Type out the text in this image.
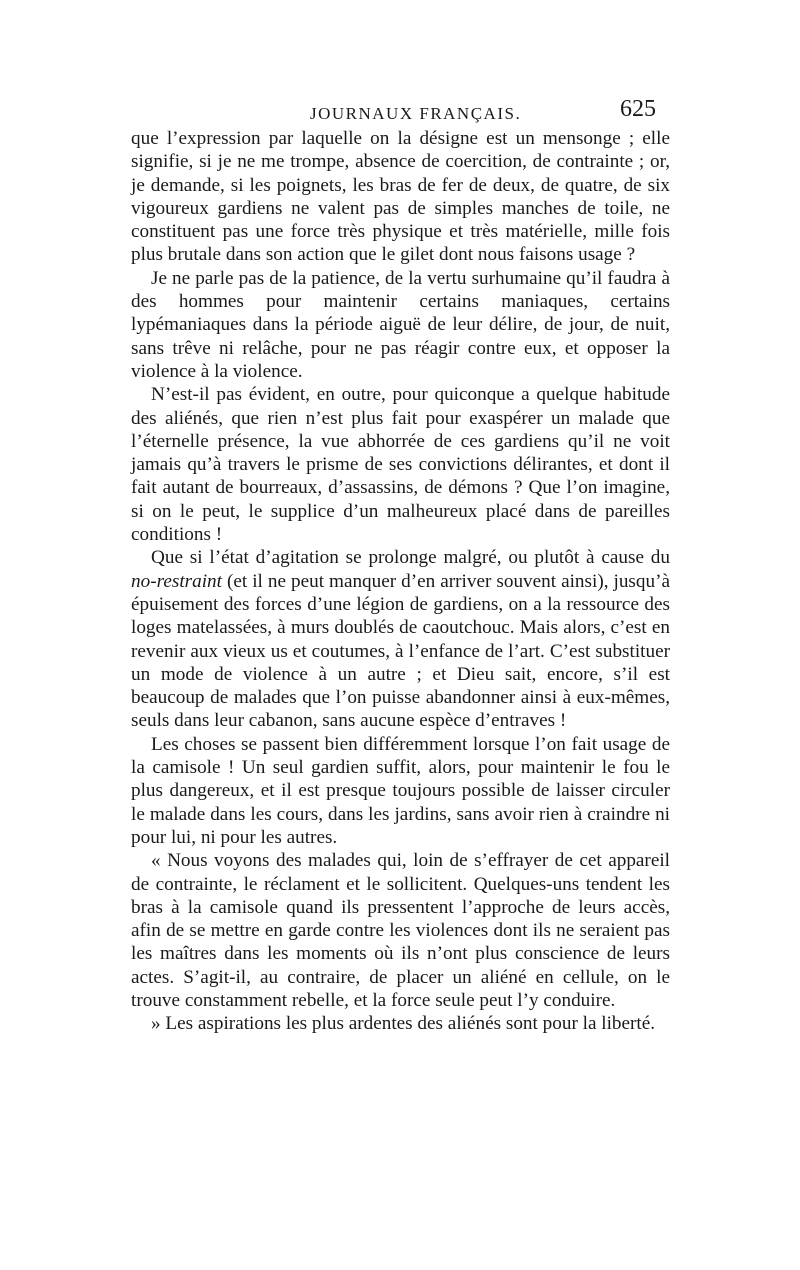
JOURNAUX FRANÇAIS.	625

que l’expression par laquelle on la désigne est un mensonge ; elle signifie, si je ne me trompe, absence de coercition, de contrainte ; or, je demande, si les poignets, les bras de fer de deux, de quatre, de six vigoureux gardiens ne valent pas de simples manches de toile, ne constituent pas une force très physique et très matérielle, mille fois plus brutale dans son action que le gilet dont nous faisons usage ?

Je ne parle pas de la patience, de la vertu surhumaine qu’il faudra à des hommes pour maintenir certains maniaques, certains lypémaniaques dans la période aiguë de leur délire, de jour, de nuit, sans trêve ni relâche, pour ne pas réagir contre eux, et opposer la violence à la violence.

N’est-il pas évident, en outre, pour quiconque a quelque habitude des aliénés, que rien n’est plus fait pour exaspérer un malade que l’éternelle présence, la vue abhorrée de ces gardiens qu’il ne voit jamais qu’à travers le prisme de ses convictions délirantes, et dont il fait autant de bourreaux, d’assassins, de démons ? Que l’on imagine, si on le peut, le supplice d’un malheureux placé dans de pareilles conditions !

Que si l’état d’agitation se prolonge malgré, ou plutôt à cause du no-restraint (et il ne peut manquer d’en arriver souvent ainsi), jusqu’à épuisement des forces d’une légion de gardiens, on a la ressource des loges matelassées, à murs doublés de caoutchouc. Mais alors, c’est en revenir aux vieux us et coutumes, à l’enfance de l’art. C’est substituer un mode de violence à un autre ; et Dieu sait, encore, s’il est beaucoup de malades que l’on puisse abandonner ainsi à eux-mêmes, seuls dans leur cabanon, sans aucune espèce d’entraves !

Les choses se passent bien différemment lorsque l’on fait usage de la camisole ! Un seul gardien suffit, alors, pour maintenir le fou le plus dangereux, et il est presque toujours possible de laisser circuler le malade dans les cours, dans les jardins, sans avoir rien à craindre ni pour lui, ni pour les autres.

« Nous voyons des malades qui, loin de s’effrayer de cet appareil de contrainte, le réclament et le sollicitent. Quelques-uns tendent les bras à la camisole quand ils pressentent l’approche de leurs accès, afin de se mettre en garde contre les violences dont ils ne seraient pas les maîtres dans les moments où ils n’ont plus conscience de leurs actes. S’agit-il, au contraire, de placer un aliéné en cellule, on le trouve constamment rebelle, et la force seule peut l’y conduire.

» Les aspirations les plus ardentes des aliénés sont pour la liberté.
